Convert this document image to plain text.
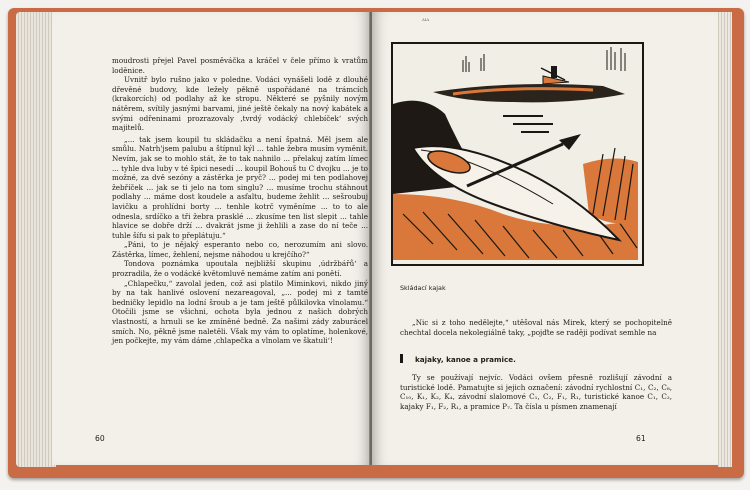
moudrosti přejel Pavel posměváčka a kráčel v čele přímo k vratům loděnice.

Uvnitř bylo rušno jako v poledne. Vodáci vynášeli lodě z dlouhé dřevěné budovy, kde ležely pěkně uspořádané na trámcích (krakorcích) od podlahy až ke stropu. Některé se pyšnily novým nátěrem, svítily jasnými barvami, jiné ještě čekaly na nový kabátek a svými odřeninami prozrazovaly ‚tvrdý vodácký chlebíček‘ svých majitelů.

„... tak jsem koupil tu skládačku a není špatná. Měl jsem ale smůlu. Natrh'jsem palubu a štípnul kýl ... tahle žebra musím vyměnit. Nevím, jak se to mohlo stát, že to tak nahnilo ... přelakuj zatím límec ... tyhle dva luby v té špici nesedí ... koupil Bohouš tu C dvojku ... je to možné, za dvě sezóny a zástěrka je pryč? ... podej mi ten podlahovej žebříček ... jak se ti jelo na tom singlu? ... musíme trochu stáhnout podlahy ... máme dost koudele a asfaltu, budeme žehlit ... sešroubuj lavičku a prohlídni borty ... tenhle kotrč vyměníme ... to to ale odnesla, srdíčko a tři žebra prasklé ... zkusíme ten list slepit ... tahle hlavice se dobře drží ... dvakrát jsme ji žehlili a zase do ní teče ... tuhle šífu si pak to přeplátuju.“

„Páni, to je nějaký esperanto nebo co, nerozumím ani slovo. Zástěrka, límec, žehlení, nejsme náhodou u krejčího?“

Tondova poznámka upoutala nejbližší skupinu ‚údržbářů‘ a prozradila, že o vodácké květomluvě nemáme zatím ani ponětí.

„Chlapečku,“ zavolal jeden, což asi platilo Miminkovi, nikdo jiný by na tak hanlivé oslovení nezareagoval, „... podej mi z tamté bedničky lepidlo na lodní šroub a je tam ještě půlkilovka vlnolamu.“ Otočili jsme se všichni, ochota byla jednou z našich dobrých vlastností, a hrnuli se ke zmíněné bedně. Za našimi zády zaburácel smích. No, pěkně jsme naletěli. Však my vám to oplatíme, holenkové, jen počkejte, my vám dáme ‚chlapečka a vlnolam ve škatuli‘!

60
ʌıʌ
Skládací kajak

„Nic si z toho nedělejte,“ utěšoval nás Mirek, který se pochopitelně chechtal docela nekolegiálně taky, „pojďte se raději podívat semhle na

kajaky, kanoe a pramice.

Ty se používají nejvíc. Vodáci ovšem přesně rozlišují závodní a turistické lodě. Pamatujte si jejich označení: závodní rychlostní C₁, C₂, C₈, C₁₀, K₁, K₂, K₄, závodní slalomové C₁, C₂, F₁, R₁, turistické kanoe C₁, C₂, kajaky F₁, F₂, R₁, a pramice P₇. Ta čísla u písmen znamenají

61
